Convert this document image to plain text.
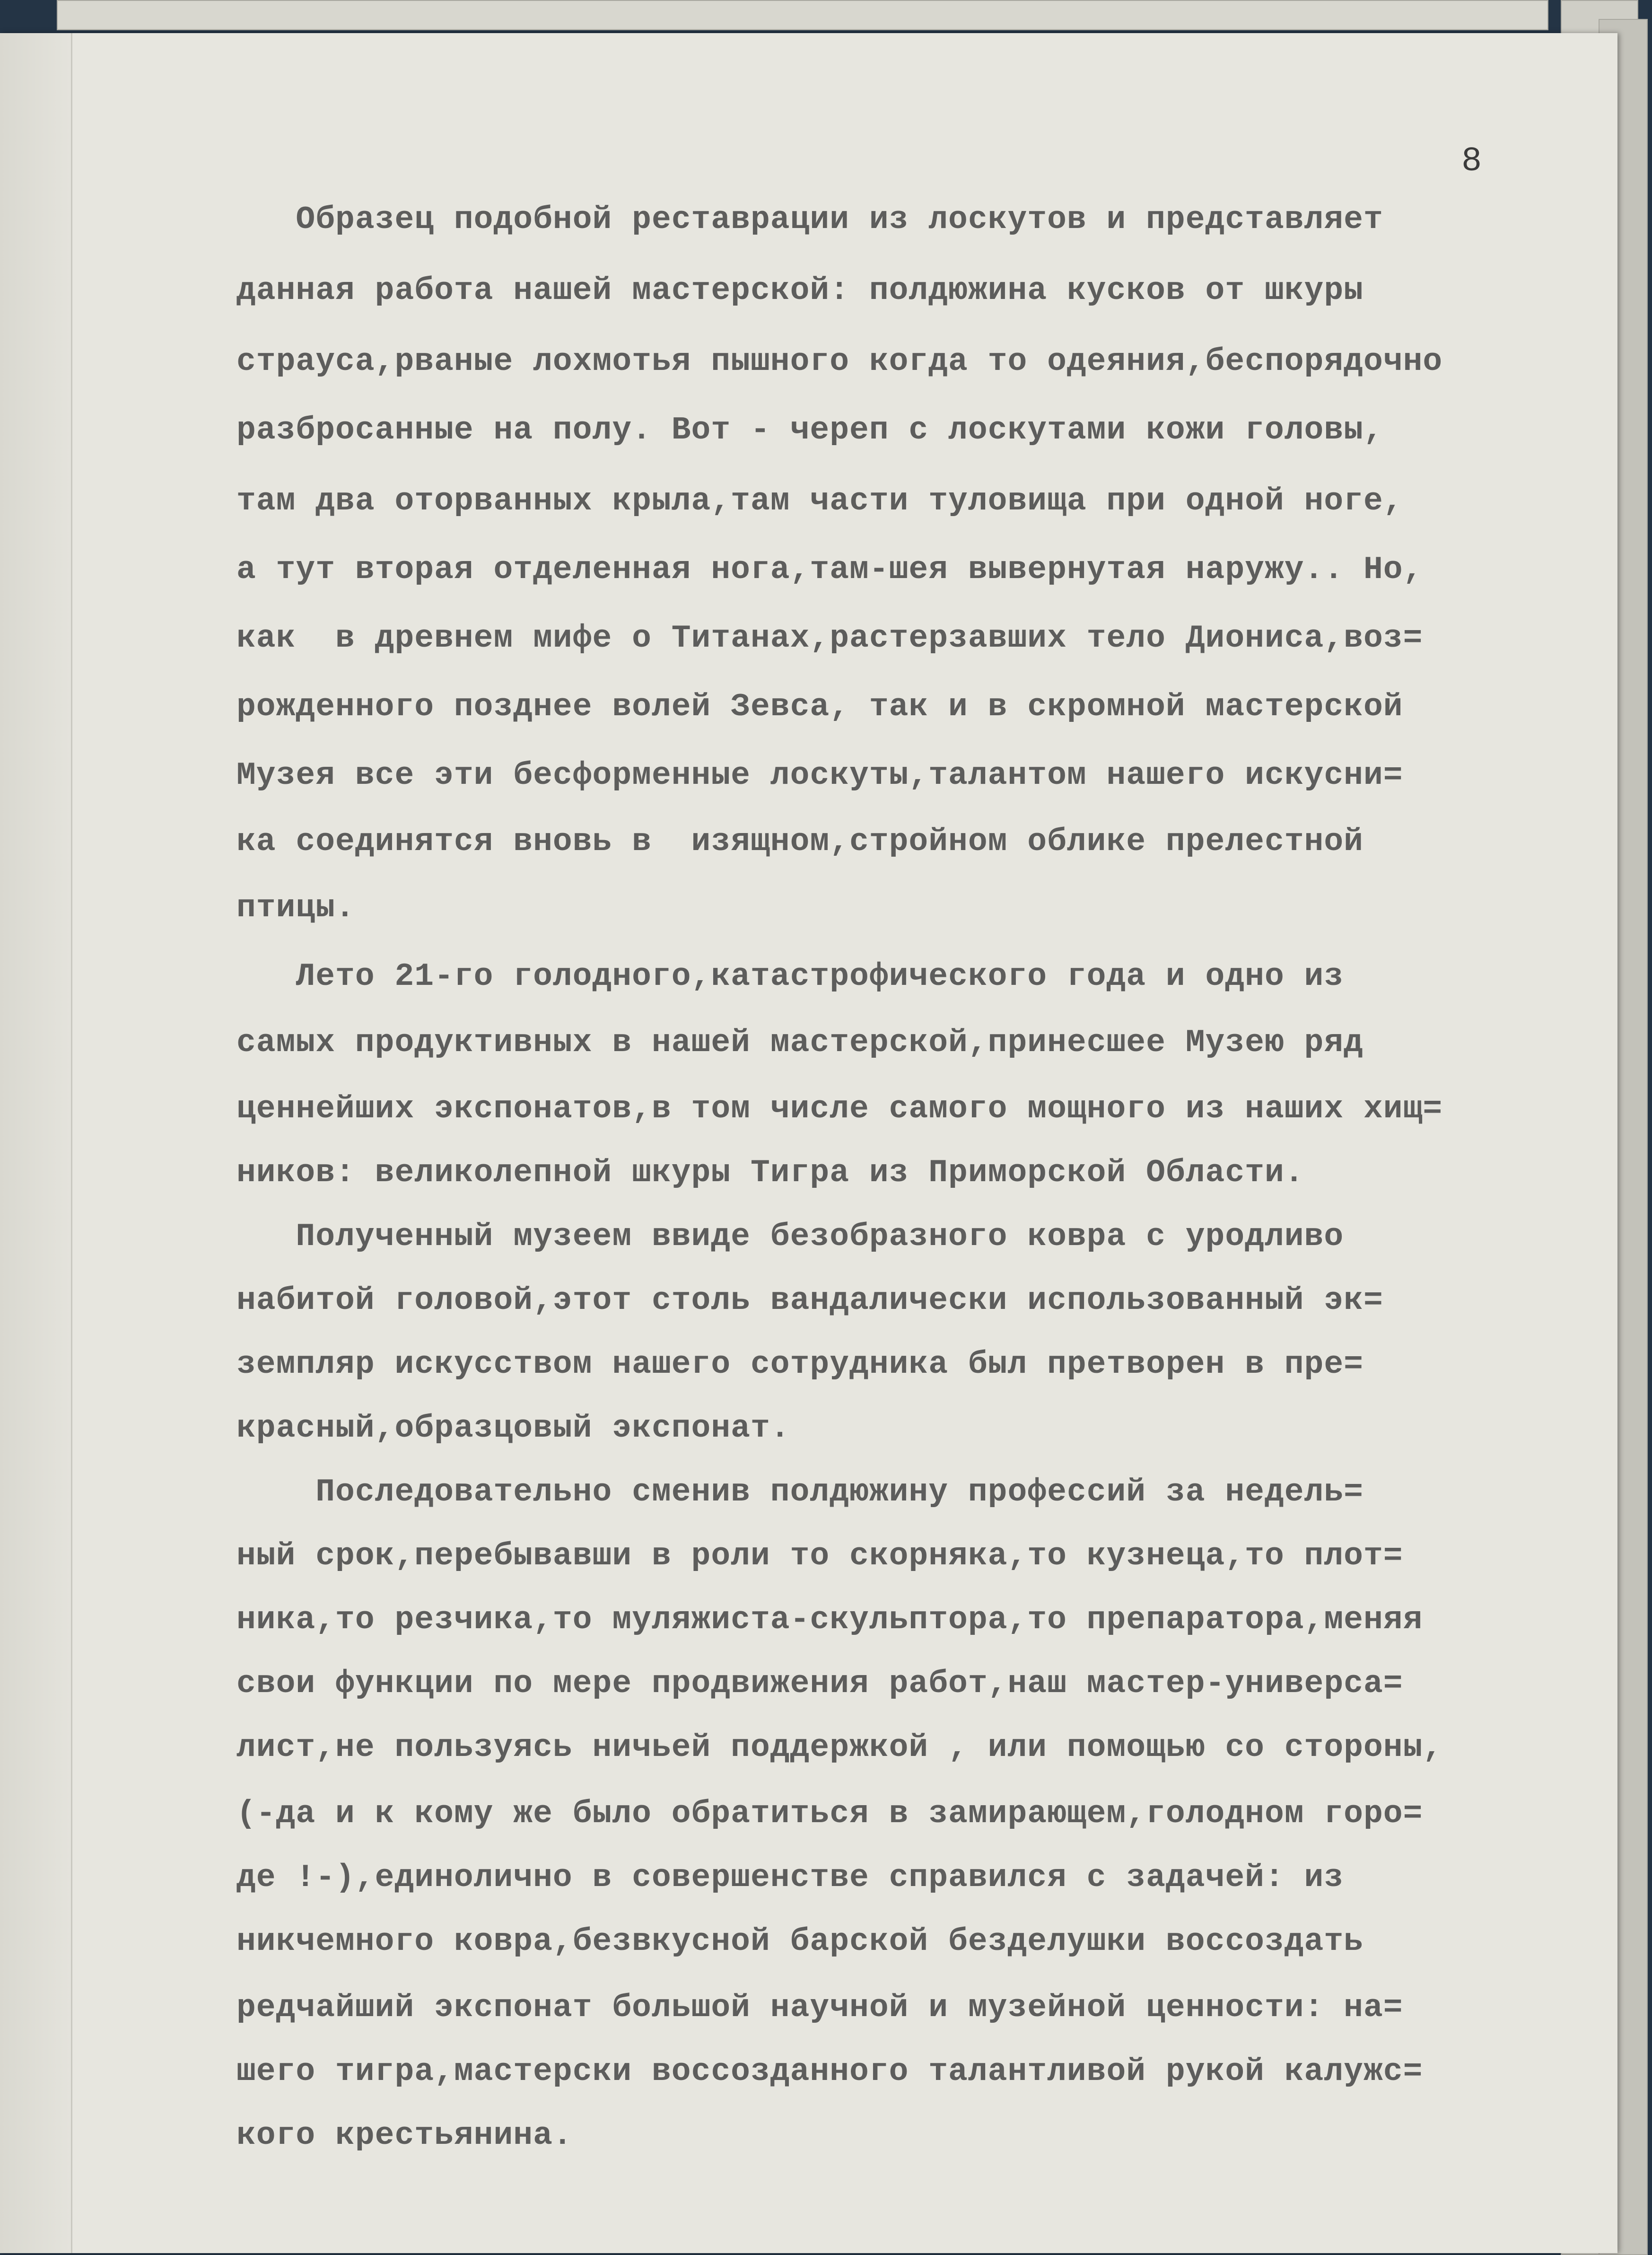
8
Образец подобной реставрации из лоскутов и представляет
данная работа нашей мастерской: полдюжина кусков от шкуры
страуса,рваные лохмотья пышного когда то одеяния,беспорядочно
разбросанные на полу. Вот - череп с лоскутами кожи головы,
там два оторванных крыла,там части туловища при одной ноге,
а тут вторая отделенная нога,там-шея вывернутая наружу.. Но,
как  в древнем мифе о Титанах,растерзавших тело Диониса,воз=
рожденного позднее волей Зевса, так и в скромной мастерской
Музея все эти бесформенные лоскуты,талантом нашего искусни=
ка соединятся вновь в  изящном,стройном облике прелестной
птицы.
Лето 21-го голодного,катастрофического года и одно из
самых продуктивных в нашей мастерской,принесшее Музею ряд
ценнейших экспонатов,в том числе самого мощного из наших хищ=
ников: великолепной шкуры Тигра из Приморской Области.
Полученный музеем ввиде безобразного ковра с уродливо
набитой головой,этот столь вандалически использованный эк=
земпляр искусством нашего сотрудника был претворен в пре=
красный,образцовый экспонат.
Последовательно сменив полдюжину профессий за недель=
ный срок,перебывавши в роли то скорняка,то кузнеца,то плот=
ника,то резчика,то муляжиста-скульптора,то препаратора,меняя
свои функции по мере продвижения работ,наш мастер-универса=
лист,не пользуясь ничьей поддержкой , или помощью со стороны,
(-да и к кому же было обратиться в замирающем,голодном горо=
де !-),единолично в совершенстве справился с задачей: из
никчемного ковра,безвкусной барской безделушки воссоздать
редчайший экспонат большой научной и музейной ценности: на=
шего тигра,мастерски воссозданного талантливой рукой калужс=
кого крестьянина.
